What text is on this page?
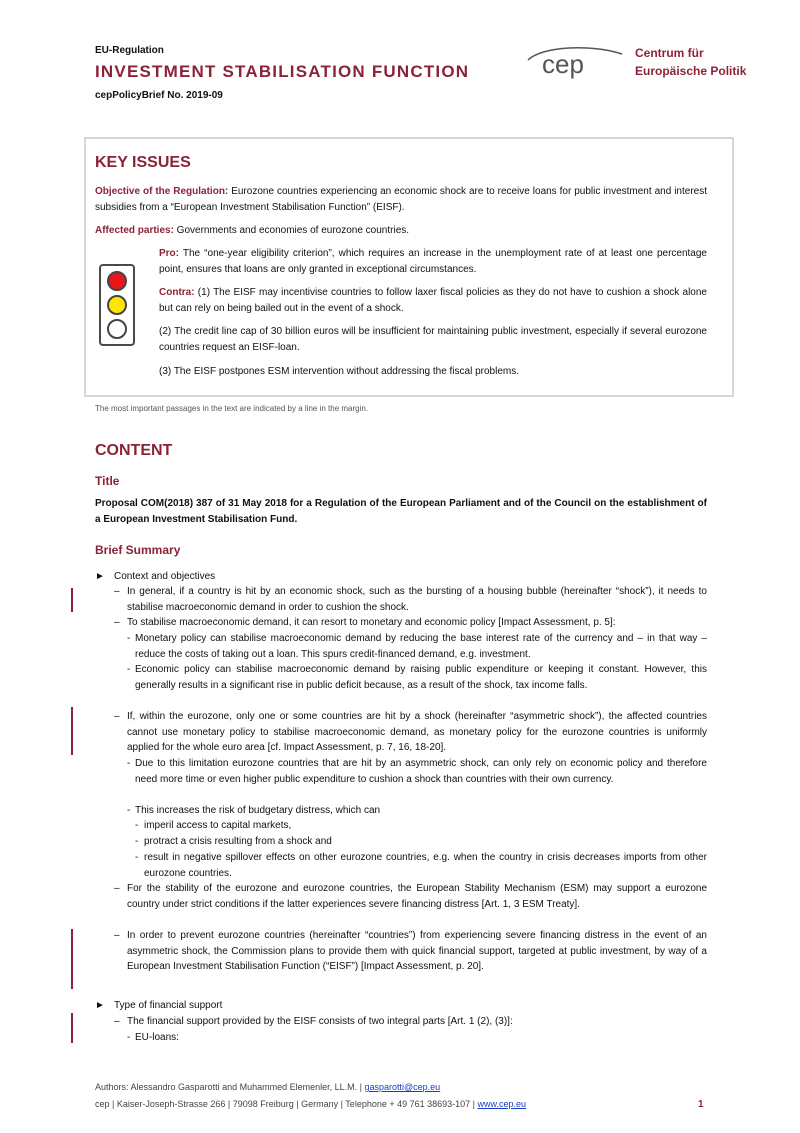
EU-Regulation
INVESTMENT STABILISATION FUNCTION
cepPolicyBrief No. 2019-09
cep	Centrum für
Europäische Politik
KEY ISSUES
Objective of the Regulation: Eurozone countries experiencing an economic shock are to receive loans for public investment and interest subsidies from a “European Investment Stabilisation Function” (EISF).
Affected parties: Governments and economies of eurozone countries.
Pro: The “one-year eligibility criterion”, which requires an increase in the unemployment rate of at least one percentage point, ensures that loans are only granted in exceptional circumstances.
Contra: (1) The EISF may incentivise countries to follow laxer fiscal policies as they do not have to cushion a shock alone but can rely on being bailed out in the event of a shock.
(2) The credit line cap of 30 billion euros will be insufficient for maintaining public investment, especially if several eurozone countries request an EISF-loan.
(3) The EISF postpones ESM intervention without addressing the fiscal problems.
The most important passages in the text are indicated by a line in the margin.
CONTENT
Title
Proposal COM(2018) 387 of 31 May 2018 for a Regulation of the European Parliament and of the Council on the establishment of a European Investment Stabilisation Fund.
Brief Summary
► Context and objectives
– In general, if a country is hit by an economic shock, such as the bursting of a housing bubble (hereinafter “shock”), it needs to stabilise macroeconomic demand in order to cushion the shock.
– To stabilise macroeconomic demand, it can resort to monetary and economic policy [Impact Assessment, p. 5]:
- Monetary policy can stabilise macroeconomic demand by reducing the base interest rate of the currency and – in that way – reduce the costs of taking out a loan. This spurs credit-financed demand, e.g. investment.
- Economic policy can stabilise macroeconomic demand by raising public expenditure or keeping it constant. However, this generally results in a significant rise in public deficit because, as a result of the shock, tax income falls.
– If, within the eurozone, only one or some countries are hit by a shock (hereinafter “asymmetric shock”), the affected countries cannot use monetary policy to stabilise macroeconomic demand, as monetary policy for the eurozone countries is uniformly applied for the whole euro area [cf. Impact Assessment, p. 7, 16, 18-20].
- Due to this limitation eurozone countries that are hit by an asymmetric shock, can only rely on economic policy and therefore need more time or even higher public expenditure to cushion a shock than countries with their own currency.
- This increases the risk of budgetary distress, which can
- imperil access to capital markets,
- protract a crisis resulting from a shock and
- result in negative spillover effects on other eurozone countries, e.g. when the country in crisis decreases imports from other eurozone countries.
– For the stability of the eurozone and eurozone countries, the European Stability Mechanism (ESM) may support a eurozone country under strict conditions if the latter experiences severe financing distress [Art. 1, 3 ESM Treaty].
– In order to prevent eurozone countries (hereinafter “countries”) from experiencing severe financing distress in the event of an asymmetric shock, the Commission plans to provide them with quick financial support, targeted at public investment, by way of a European Investment Stabilisation Function (“EISF”) [Impact Assessment, p. 20].
► Type of financial support
– The financial support provided by the EISF consists of two integral parts [Art. 1 (2), (3)]:
- EU-loans:
Authors: Alessandro Gasparotti and Muhammed Elemenler, LL.M. | gasparotti@cep.eu
cep | Kaiser-Joseph-Strasse 266 | 79098 Freiburg | Germany | Telephone + 49 761 38693-107 | www.cep.eu	1
